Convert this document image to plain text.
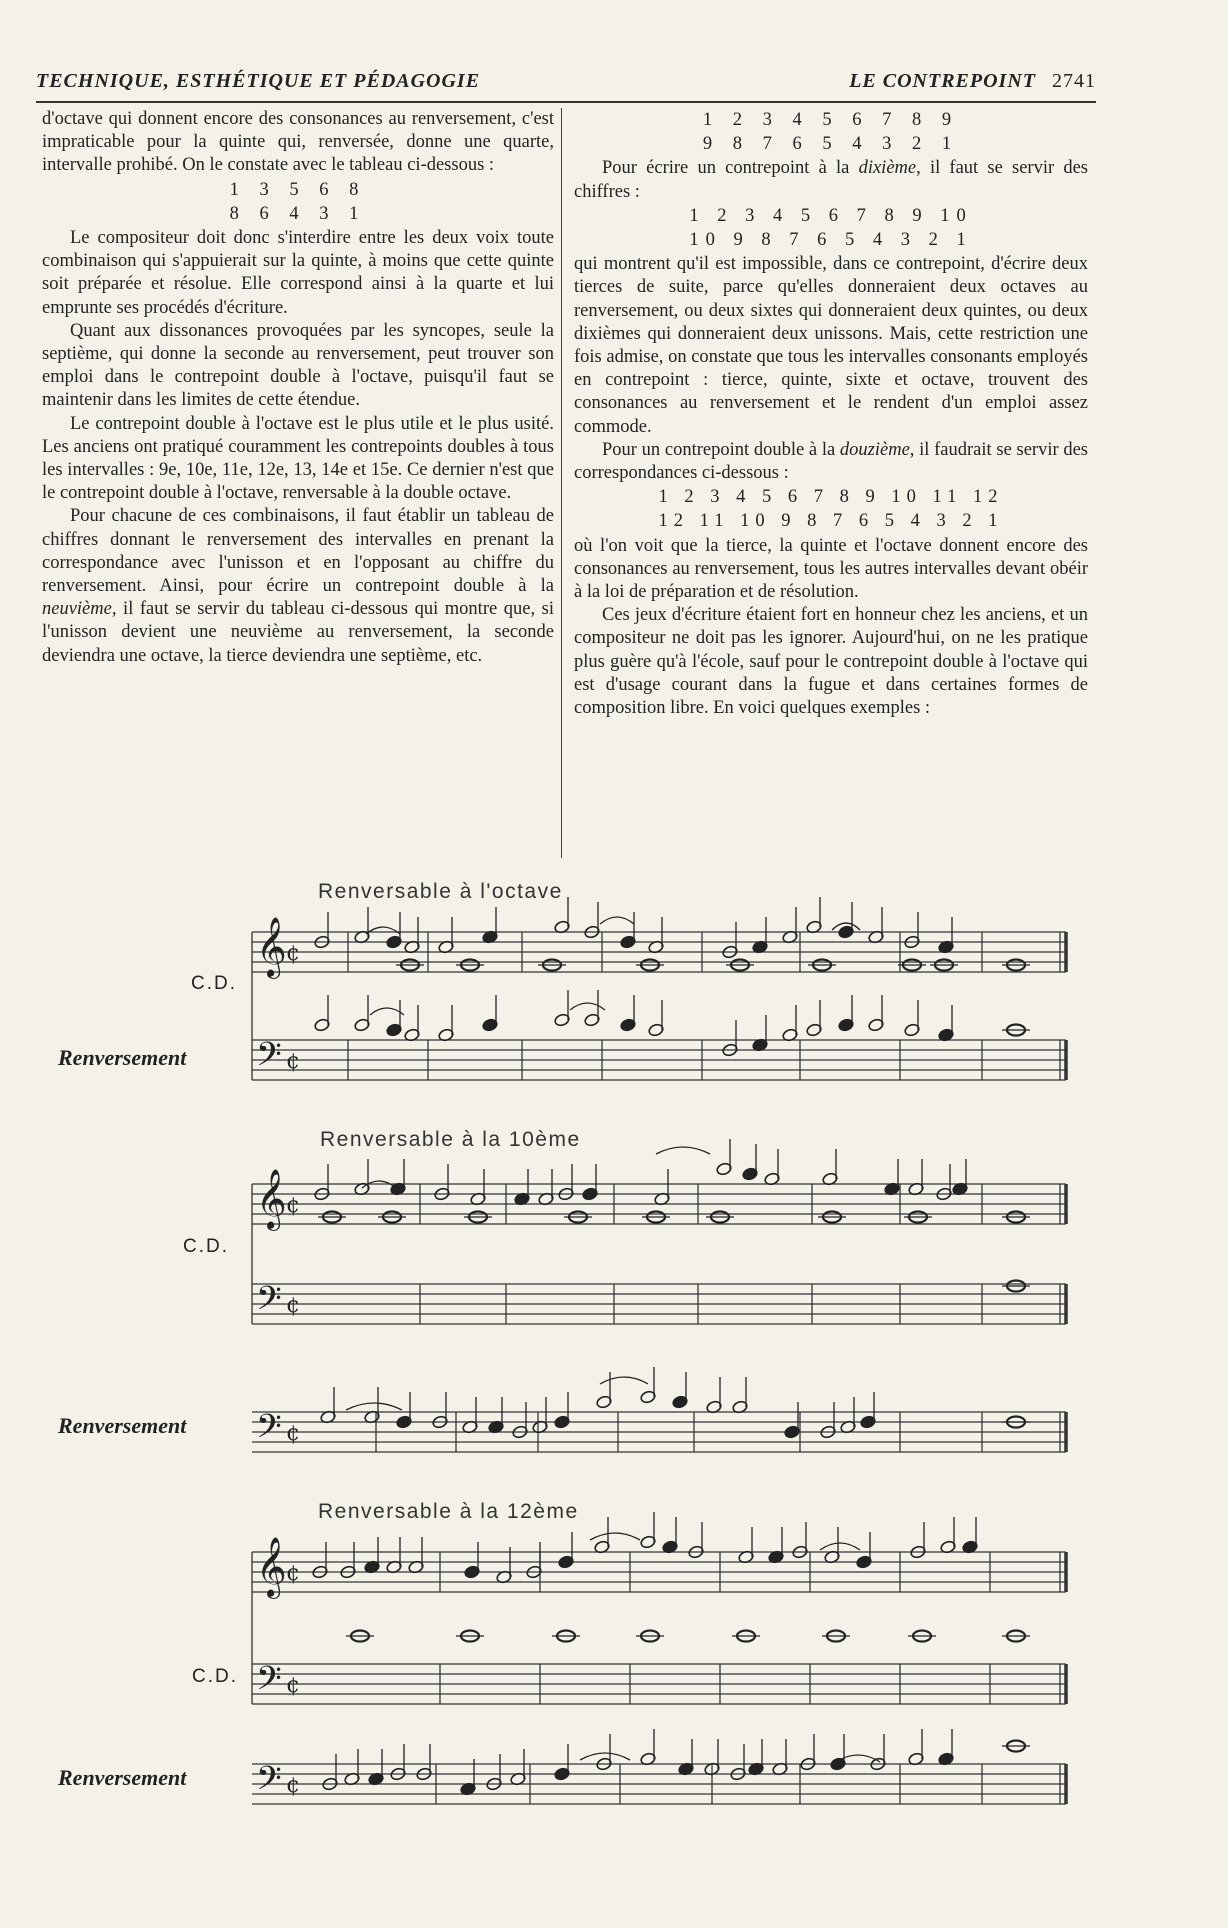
TECHNIQUE, ESTHÉTIQUE ET PÉDAGOGIE	LE CONTREPOINT 2741

d'octave qui donnent encore des consonances au renversement, c'est impraticable pour la quinte qui, renversée, donne une quarte, intervalle prohibé. On le constate avec le tableau ci-dessous :

1 3 5 6 8
8 6 4 3 1

Le compositeur doit donc s'interdire entre les deux voix toute combinaison qui s'appuierait sur la quinte, à moins que cette quinte soit préparée et résolue. Elle correspond ainsi à la quarte et lui emprunte ses procédés d'écriture.

Quant aux dissonances provoquées par les syncopes, seule la septième, qui donne la seconde au renversement, peut trouver son emploi dans le contrepoint double à l'octave, puisqu'il faut se maintenir dans les limites de cette étendue.

Le contrepoint double à l'octave est le plus utile et le plus usité. Les anciens ont pratiqué couramment les contrepoints doubles à tous les intervalles : 9e, 10e, 11e, 12e, 13, 14e et 15e. Ce dernier n'est que le contrepoint double à l'octave, renversable à la double octave.

Pour chacune de ces combinaisons, il faut établir un tableau de chiffres donnant le renversement des intervalles en prenant la correspondance avec l'unisson et en l'opposant au chiffre du renversement. Ainsi, pour écrire un contrepoint double à la neuvième, il faut se servir du tableau ci-dessous qui montre que, si l'unisson devient une neuvième au renversement, la seconde deviendra une octave, la tierce deviendra une septième, etc.

1 2 3 4 5 6 7 8 9
9 8 7 6 5 4 3 2 1

Pour écrire un contrepoint à la dixième, il faut se servir des chiffres :

1 2 3 4 5 6 7 8 9 10
10 9 8 7 6 5 4 3 2 1

qui montrent qu'il est impossible, dans ce contrepoint, d'écrire deux tierces de suite, parce qu'elles donneraient deux octaves au renversement, ou deux sixtes qui donneraient deux quintes, ou deux dixièmes qui donneraient deux unissons. Mais, cette restriction une fois admise, on constate que tous les intervalles consonants employés en contrepoint : tierce, quinte, sixte et octave, trouvent des consonances au renversement et le rendent d'un emploi assez commode.

Pour un contrepoint double à la douzième, il faudrait se servir des correspondances ci-dessous :

1 2 3 4 5 6 7 8 9 10 11 12
12 11 10 9 8 7 6 5 4 3 2 1

où l'on voit que la tierce, la quinte et l'octave donnent encore des consonances au renversement, tous les autres intervalles devant obéir à la loi de préparation et de résolution.

Ces jeux d'écriture étaient fort en honneur chez les anciens, et un compositeur ne doit pas les ignorer. Aujourd'hui, on ne les pratique plus guère qu'à l'école, sauf pour le contrepoint double à l'octave qui est d'usage courant dans la fugue et dans certaines formes de composition libre. En voici quelques exemples :

𝄞 ¢
𝄢 ¢
𝄞 ¢
𝄢 ¢
𝄢 ¢
𝄞 ¢
𝄢 ¢
𝄢 ¢
Renversable à l'octave
C.D.
Renversement
Renversable à la 10ème
C.D.
Renversement
Renversable à la 12ème
C.D.
Renversement
